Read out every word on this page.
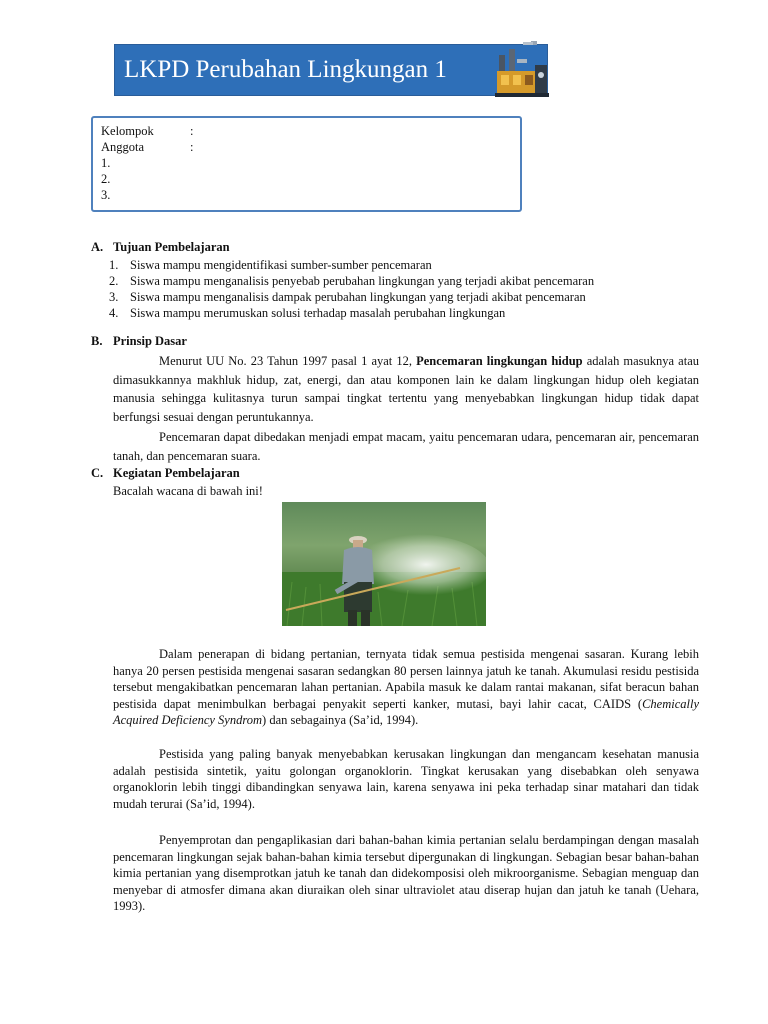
LKPD Perubahan Lingkungan 1
Kelompok	:
Anggota	:
1.
2.
3.
A. Tujuan Pembelajaran
1. Siswa mampu mengidentifikasi sumber-sumber pencemaran
2. Siswa mampu menganalisis penyebab perubahan lingkungan yang terjadi akibat pencemaran
3. Siswa mampu menganalisis dampak perubahan lingkungan yang terjadi akibat pencemaran
4. Siswa mampu merumuskan solusi terhadap masalah perubahan lingkungan
B. Prinsip Dasar
Menurut UU No. 23 Tahun 1997 pasal 1 ayat 12, Pencemaran lingkungan hidup adalah masuknya atau dimasukkannya makhluk hidup, zat, energi, dan atau komponen lain ke dalam lingkungan hidup oleh kegiatan manusia sehingga kulitasnya turun sampai tingkat tertentu yang menyebabkan lingkungan hidup tidak dapat berfungsi sesuai dengan peruntukannya.
Pencemaran dapat dibedakan menjadi empat macam, yaitu pencemaran udara, pencemaran air, pencemaran tanah, dan pencemaran suara.
C. Kegiatan Pembelajaran
Bacalah wacana di bawah ini!
Dalam penerapan di bidang pertanian, ternyata tidak semua pestisida mengenai sasaran. Kurang lebih hanya 20 persen pestisida mengenai sasaran sedangkan 80 persen lainnya jatuh ke tanah. Akumulasi residu pestisida tersebut mengakibatkan pencemaran lahan pertanian. Apabila masuk ke dalam rantai makanan, sifat beracun bahan pestisida dapat menimbulkan berbagai penyakit seperti kanker, mutasi, bayi lahir cacat, CAIDS (Chemically Acquired Deficiency Syndrom) dan sebagainya (Sa’id, 1994).
Pestisida yang paling banyak menyebabkan kerusakan lingkungan dan mengancam kesehatan manusia adalah pestisida sintetik, yaitu golongan organoklorin. Tingkat kerusakan yang disebabkan oleh senyawa organoklorin lebih tinggi dibandingkan senyawa lain, karena senyawa ini peka terhadap sinar matahari dan tidak mudah terurai (Sa’id, 1994).
Penyemprotan dan pengaplikasian dari bahan-bahan kimia pertanian selalu berdampingan dengan masalah pencemaran lingkungan sejak bahan-bahan kimia tersebut dipergunakan di lingkungan. Sebagian besar bahan-bahan kimia pertanian yang disemprotkan jatuh ke tanah dan didekomposisi oleh mikroorganisme. Sebagian menguap dan menyebar di atmosfer dimana akan diuraikan oleh sinar ultraviolet atau diserap hujan dan jatuh ke tanah (Uehara, 1993).
